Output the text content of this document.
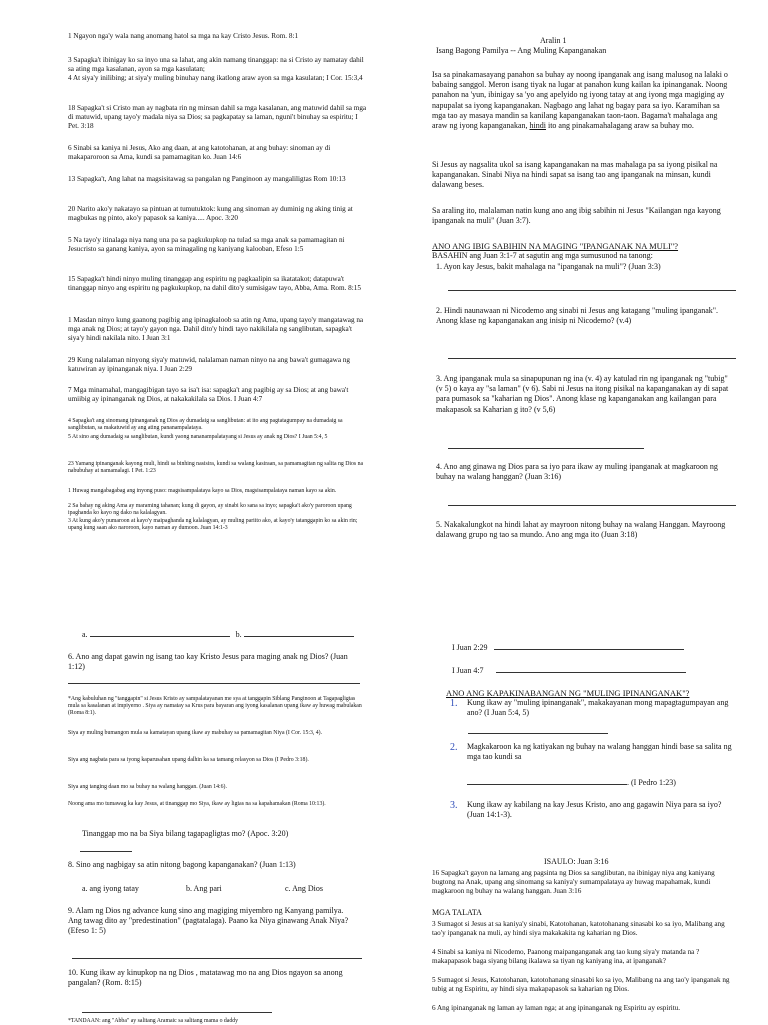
1 Ngayon nga'y wala nang anomang hatol sa mga na kay Cristo Jesus. Rom. 8:1

3 Sapagka't ibinigay ko sa inyo una sa lahat, ang akin namang tinanggap: na si Cristo ay namatay dahil sa ating mga kasalanan, ayon sa mga kasulatan;

4 At siya'y inilibing; at siya'y muling binuhay nang ikatlong araw ayon sa mga kasulatan; I Cor. 15:3,4

18 Sapagka't si Cristo man ay nagbata rin ng minsan dahil sa mga kasalanan, ang matuwid dahil sa mga di matuwid, upang tayo'y madala niya sa Dios; sa pagkapatay sa laman, nguni't binuhay sa espiritu; I Pet. 3:18

6 Sinabi sa kaniya ni Jesus, Ako ang daan, at ang katotohanan, at ang buhay: sinoman ay di makaparoroon sa Ama, kundi sa pamamagitan ko. Juan 14:6

13 Sapagka't, Ang lahat na magsisitawag sa pangalan ng Panginoon ay mangaliligtas Rom 10:13

20 Narito ako'y nakatayo sa pintuan at tumutuktok: kung ang sinoman ay duminig ng aking tinig at magbukas ng pinto, ako'y papasok sa kaniya..... Apoc. 3:20

5 Na tayo'y itinalaga niya nang una pa sa pagkukupkop na tulad sa mga anak sa pamamagitan ni Jesucristo sa ganang kaniya, ayon sa minagaling ng kaniyang kalooban, Efeso 1:5

15 Sapagka't hindi ninyo muling tinanggap ang espiritu ng pagkaalipin sa ikatatakot; datapuwa't tinanggap ninyo ang espiritu ng pagkukupkop, na dahil dito'y sumisigaw tayo, Abba, Ama. Rom. 8:15

1 Masdan ninyo kung gaanong pagibig ang ipinagkaloob sa atin ng Ama, upang tayo'y mangatawag na mga anak ng Dios; at tayo'y gayon nga. Dahil dito'y hindi tayo nakikilala ng sanglibutan, sapagka't siya'y hindi nakilala nito. I Juan 3:1

29 Kung nalalaman ninyong siya'y matuwid, nalalaman naman ninyo na ang bawa't gumagawa ng katuwiran ay ipinanganak niya. I Juan 2:29

7 Mga minamahal, mangagibigan tayo sa isa't isa: sapagka't ang pagibig ay sa Dios; at ang bawa't umiibig ay ipinanganak ng Dios, at nakakakilala sa Dios. I Juan 4:7

4 Sapagka't ang sinomang ipinanganak ng Dios ay dumadaig sa sanglibutan: at ito ang pagtatagumpay na dumadaig sa sanglibutan, sa makatuwid ay ang ating pananampalataya.

5 At sino ang dumadaig sa sanglibutan, kundi yaong nananampalatayang si Jesus ay anak ng Dios? I Juan 5:4, 5

23 Yamang ipinanganak kayong muli, hindi sa binhing nasisira, kundi sa walang kasiraan, sa pamamagitan ng salita ng Dios na nabubuhay at namamalagi. I Pet. 1:23

1 Huwag mangabagabag ang inyong puso: magsisampalataya kayo sa Dios, magsisampalataya naman kayo sa akin.

2 Sa bahay ng aking Ama ay maraming tahanan; kung di gayon, ay sinabi ko sana sa inyo; sapagka't ako'y paroroon upang ipaghanda ko kayo ng dako na kalalagyan.

3 At kung ako'y pumaroon at kayo'y maipaghanda ng kalalagyan, ay muling pariito ako, at kayo'y tatanggapin ko sa akin rin; upang kung saan ako naroroon, kayo naman ay dumoon. Juan 14:1-3

a.	b.
6. Ano ang dapat gawin ng isang tao kay Kristo Jesus para maging anak ng Dios? (Juan 1:12)

*Ang kabuluhan ng "tanggapin" si Jesus Kristo ay sampalatayanan me sya at tanggapin Siblang Panginoon at Tagapagligtas mula sa kasalanan at impiyerno . Siya ay namatay sa Krus para bayaran ang iyong kasalanan upang ikaw ay huwag mabulakan (Roma 8:1).

Siya ay muling bumangon mula sa kamatayan upang ikaw ay mabuhay sa pamamagitan Niya (I Cor. 15:3, 4).

Siya ang nagbata para sa iyong kaparusahan upang dalhin ka sa tamang relasyon sa Dios (I Pedro 3:18).

Siya ang tanging daan mo sa buhay na walang hanggan. (Juan 14:6).

Noong ama mo tumawag ka kay Jesus, at tinanggap mo Siya, ikaw ay ligtas na sa kapahamakan (Roma 10:13).

Tinanggap mo na ba Siya bilang tagapagligtas mo? (Apoc. 3:20)
8. Sino ang nagbigay sa atin nitong bagong kapanganakan? (Juan 1:13)
a. ang iyong tatay	b. Ang pari	c. Ang Dios
9. Alam ng Dios ng advance kung sino ang magiging miyembro ng Kanyang pamilya. Ang tawag dito ay "predestination" (pagtatalaga). Paano ka Niya ginawang Anak Niya? (Efeso 1: 5)
10. Kung ikaw ay kinupkop na ng Dios , matatawag mo na ang Dios ngayon sa anong pangalan? (Rom. 8:15)

*TANDAAN: ang "Abba" ay salitang Aramaic sa salitang mama o daddy

Aralin 1
Isang Bagong Pamilya -- Ang Muling Kapanganakan
Isa sa pinakamasayang panahon sa buhay ay noong ipanganak ang isang malusog na lalaki o babaing sanggol. Meron isang tiyak na lugar at panahon kung kailan ka ipinanganak. Noong panahon na 'yun, ibinigay sa 'yo ang apelyido ng iyong tatay at ang iyong mga magiging ay napupalat sa iyong kapanganakan. Nagbago ang lahat ng bagay para sa iyo. Karamihan sa mga tao ay masaya mandin sa kanilang kapanganakan taon-taon. Bagama't mahalaga ang araw ng iyong kapanganakan, hindi ito ang pinakamahalagang araw sa buhay mo.
Si Jesus ay nagsalita ukol sa isang kapanganakan na mas mahalaga pa sa iyong pisikal na kapanganakan. Sinabi Niya na hindi sapat sa isang tao ang ipanganak na minsan, kundi dalawang beses.
Sa araling ito, malalaman natin kung ano ang ibig sabihin ni Jesus "Kailangan nga kayong ipanganak na muli" (Juan 3:7).
ANO ANG IBIG SABIHIN NA MAGING "IPANGANAK NA MULI"?
BASAHIN ang Juan 3:1-7 at sagutin ang mga sumusunod na tanong:
1. Ayon kay Jesus, bakit mahalaga na "ipanganak na muli"? (Juan 3:3)
2. Hindi naunawaan ni Nicodemo ang sinabi ni Jesus ang katagang "muling ipanganak". Anong klase ng kapanganakan ang inisip ni Nicodemo? (v.4)
3. Ang ipanganak mula sa sinapupunan ng ina (v. 4) ay katulad rin ng ipanganak ng "tubig" (v 5) o kaya ay "sa laman" (v 6). Sabi ni Jesus na itong pisikal na kapanganakan ay di sapat para pumasok sa "kaharian ng Dios". Anong klase ng kapanganakan ang kailangan para makapasok sa Kaharian g ito? (v 5,6)
4. Ano ang ginawa ng Dios para sa iyo para ikaw ay muling ipanganak at magkaroon ng buhay na walang hanggan? (Juan 3:16)
5. Nakakalungkot na hindi lahat ay mayroon nitong buhay na walang Hanggan. Mayroong dalawang grupo ng tao sa mundo. Ano ang mga ito (Juan 3:18)
I Juan 2:29
I Juan 4:7
ANO ANG KAPAKINABANGAN NG "MULING IPINANGANAK"?
1. Kung ikaw ay "muling ipinanganak", makakayanan mong mapagtagumpayan ang ano? (I Juan 5:4, 5)
2. Magkakaroon ka ng katiyakan ng buhay na walang hanggan hindi base sa salita ng mga tao kundi sa
. (I Pedro 1:23)
3. Kung ikaw ay kabilang na kay Jesus Kristo, ano ang gagawin Niya para sa iyo? (Juan 14:1-3).
ISAULO: Juan 3:16

16 Sapagka't gayon na lamang ang pagsinta ng Dios sa sanglibutan, na ibinigay niya ang kaniyang bugtong na Anak, upang ang sinomang sa kaniya'y sumampalataya ay huwag mapahamak, kundi magkaroon ng buhay na walang hanggan. Juan 3:16

MGA TALATA

3 Sumagot si Jesus at sa kaniya'y sinabi, Katotohanan, katotohanang sinasabi ko sa iyo, Malibang ang tao'y ipanganak na muli, ay hindi siya makakakita ng kaharian ng Dios.

4 Sinabi sa kaniya ni Nicodemo, Paanong maipanganganak ang tao kung siya'y matanda na ? makapapasok baga siyang bilang ikalawa sa tiyan ng kaniyang ina, at ipanganak?

5 Sumagot si Jesus, Katotohanan, katotohanang sinasabi ko sa iyo, Malibang na ang tao'y ipanganak ng tubig at ng Espiritu, ay hindi siya makapapasok sa kaharian ng Dios.

6 Ang ipinanganak ng laman ay laman nga; at ang ipinanganak ng Espiritu ay espiritu.
